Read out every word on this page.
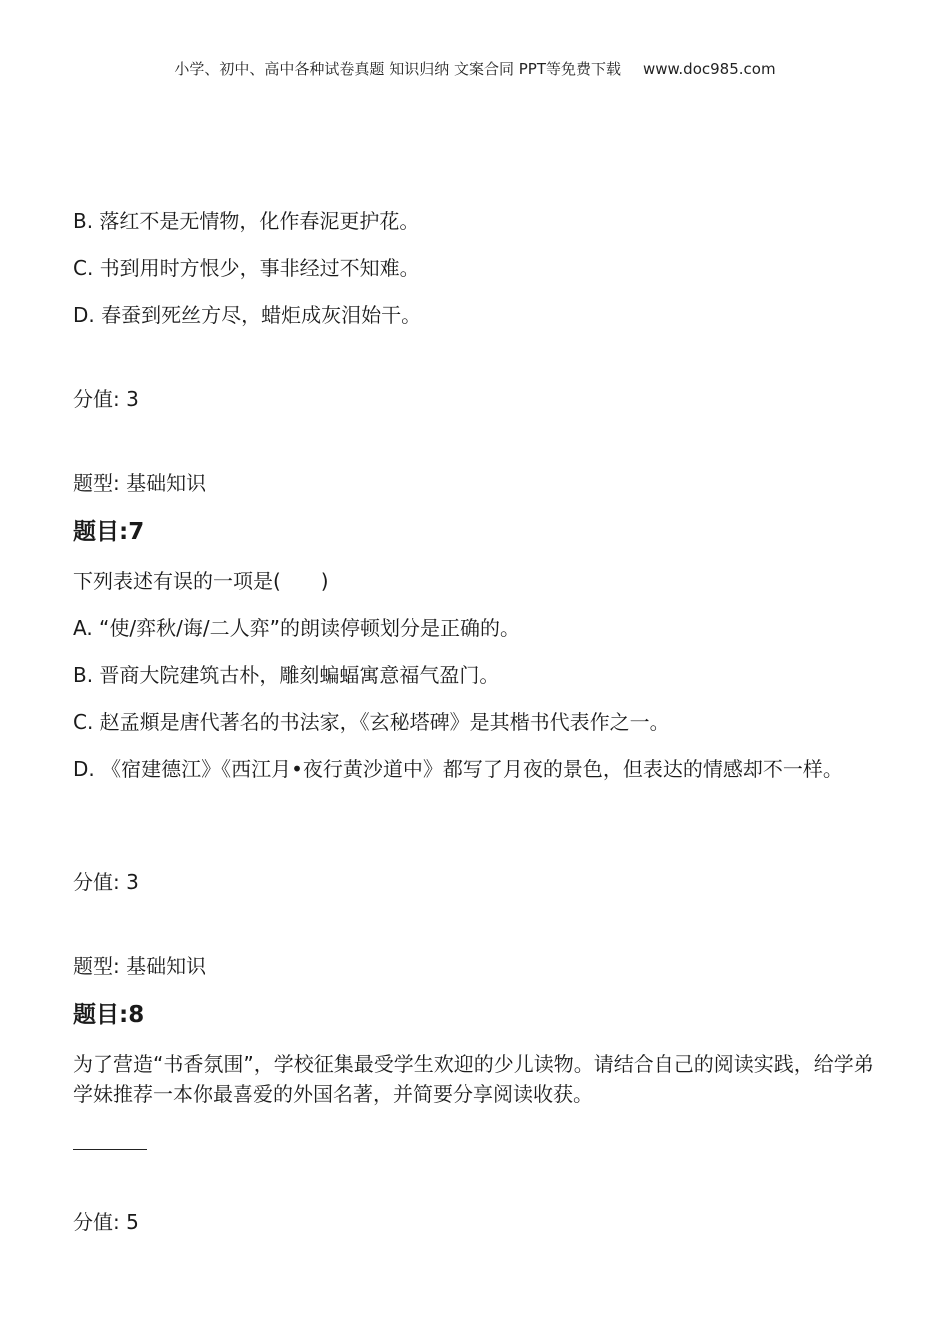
小学、初中、高中各种试卷真题 知识归纳 文案合同 PPT等免费下载 www.doc985.com
B. 落红不是无情物，化作春泥更护花。
C. 书到用时方恨少，事非经过不知难。
D. 春蚕到死丝方尽，蜡炬成灰泪始干。
分值: 3
题型: 基础知识
题目:7
下列表述有误的一项是(　　)
A. “使/弈秋/诲/二人弈”的朗读停顿划分是正确的。
B. 晋商大院建筑古朴，雕刻蝙蝠寓意福气盈门。
C. 赵孟頫是唐代著名的书法家，《玄秘塔碑》是其楷书代表作之一。
D. 《宿建德江》《西江月•夜行黄沙道中》都写了月夜的景色，但表达的情感却不一样。
分值: 3
题型: 基础知识
题目:8
为了营造“书香氛围”，学校征集最受学生欢迎的少儿读物。请结合自己的阅读实践，给学弟学妹推荐一本你最喜爱的外国名著，并简要分享阅读收获。
分值: 5
